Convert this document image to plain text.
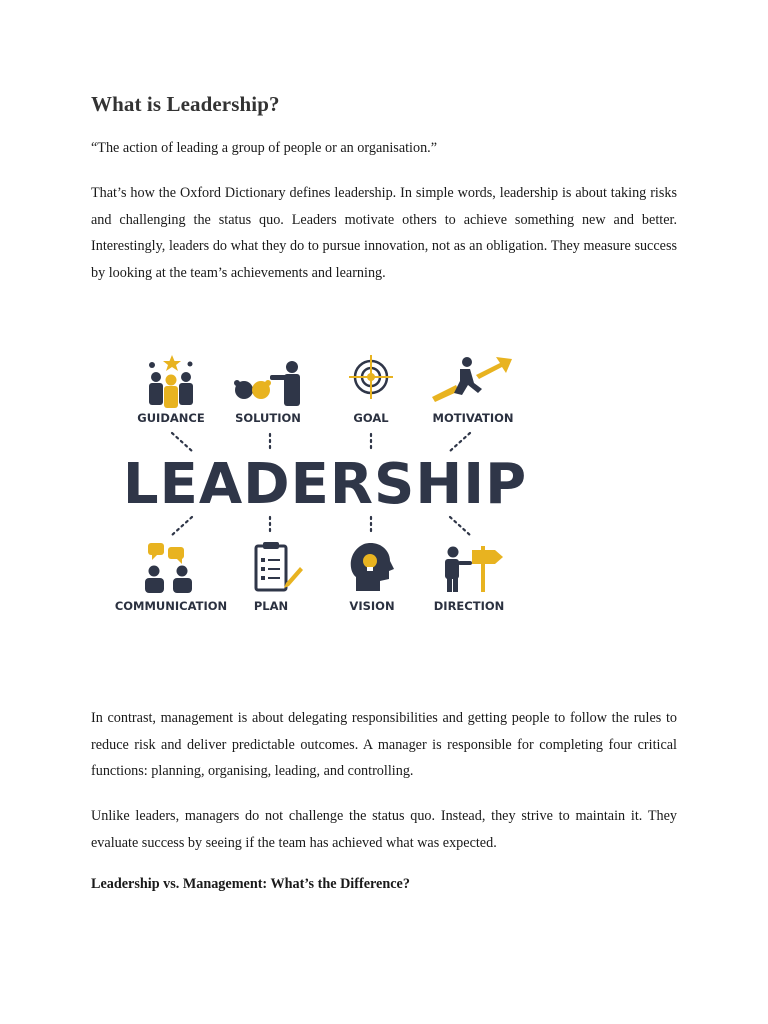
What is Leadership?

“The action of leading a group of people or an organisation.”

That’s how the Oxford Dictionary defines leadership. In simple words, leadership is about taking risks and challenging the status quo. Leaders motivate others to achieve something new and better. Interestingly, leaders do what they do to pursue innovation, not as an obligation. They measure success by looking at the team’s achievements and learning.

GUIDANCE	SOLUTION	GOAL	MOTIVATION
LEADERSHIP
COMMUNICATION PLAN	VISION	DIRECTION

In contrast, management is about delegating responsibilities and getting people to follow the rules to reduce risk and deliver predictable outcomes. A manager is responsible for completing four critical functions: planning, organising, leading, and controlling.

Unlike leaders, managers do not challenge the status quo. Instead, they strive to maintain it. They evaluate success by seeing if the team has achieved what was expected.

Leadership vs. Management: What’s the Difference?
